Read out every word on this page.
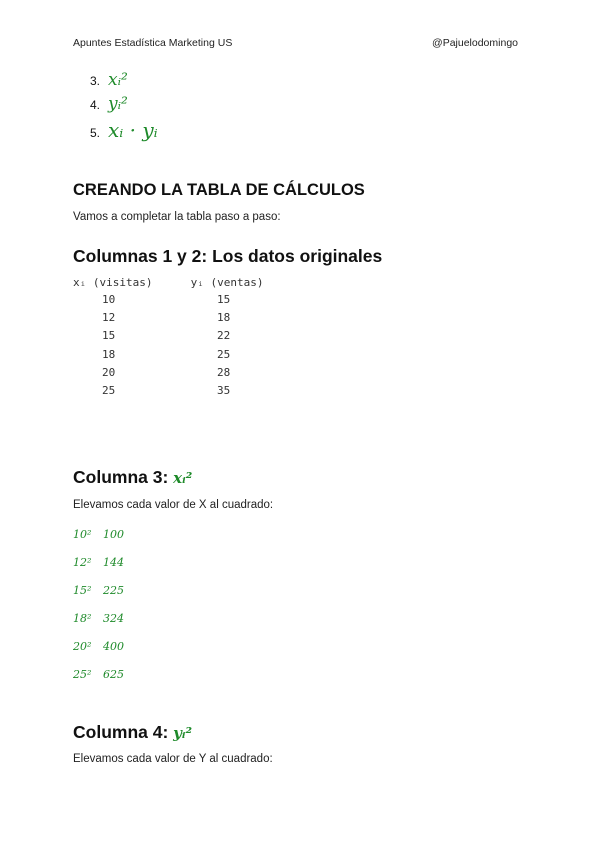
Apuntes Estadística Marketing US	@Pajuelodomingo
3. xᵢ²
4. yᵢ²
5. xᵢ · yᵢ
CREANDO LA TABLA DE CÁLCULOS

Vamos a completar la tabla paso a paso:

Columnas 1 y 2: Los datos originales
xᵢ (visitas)	yᵢ (ventas)
10	15
12	18
15	22
18	25
20	28
25	35
Columna 3: xᵢ²

Elevamos cada valor de X al cuadrado:

10²	100
12²	144
15²	225
18²	324
20²	400
25²	625
Columna 4: yᵢ²

Elevamos cada valor de Y al cuadrado:
